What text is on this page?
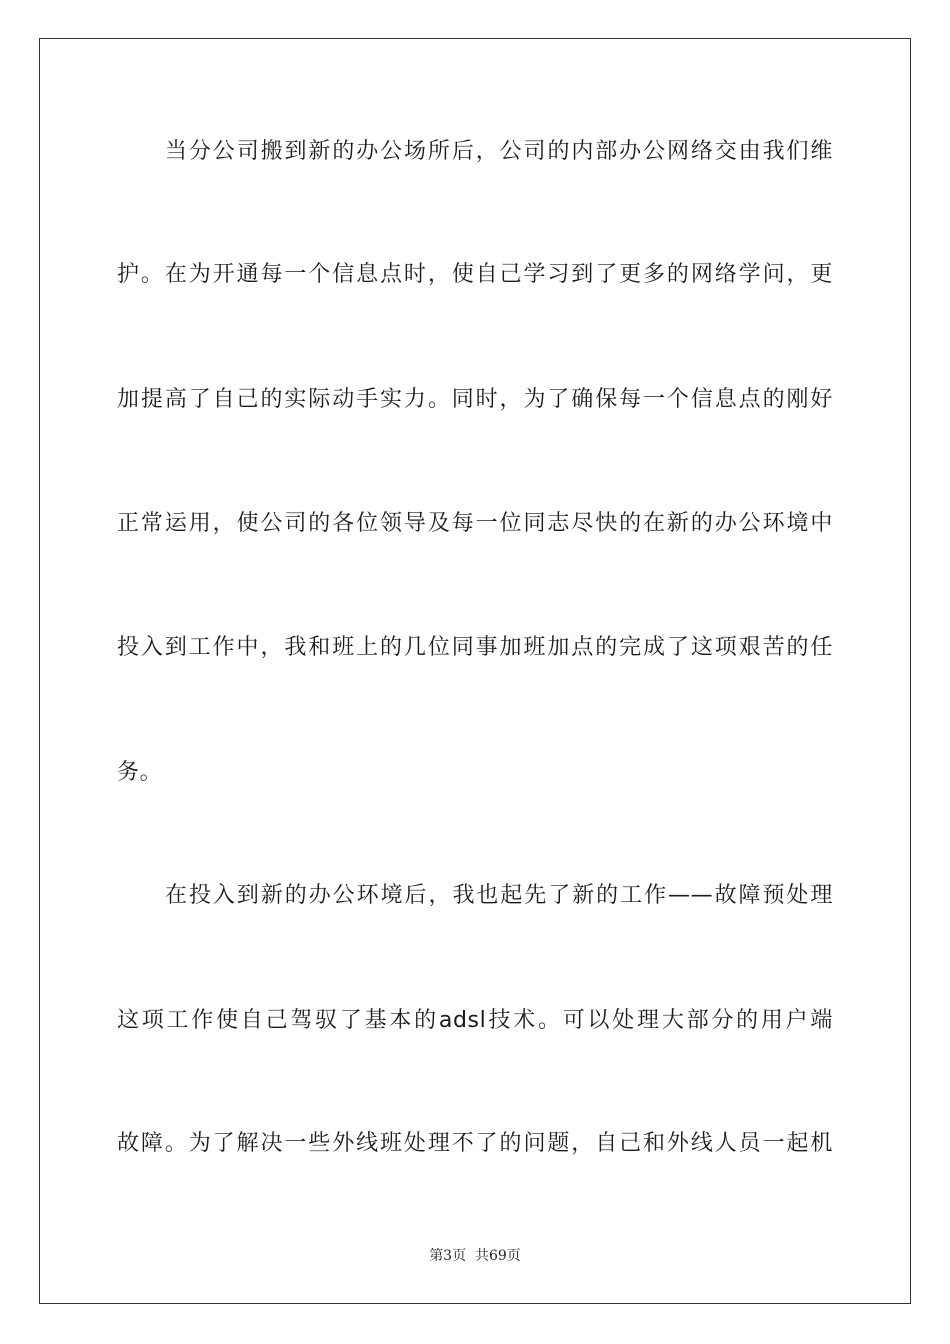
当分公司搬到新的办公场所后，公司的内部办公网络交由我们维
护。在为开通每一个信息点时，使自己学习到了更多的网络学问，更
加提高了自己的实际动手实力。同时，为了确保每一个信息点的刚好
正常运用，使公司的各位领导及每一位同志尽快的在新的办公环境中
投入到工作中，我和班上的几位同事加班加点的完成了这项艰苦的任
务。
在投入到新的办公环境后，我也起先了新的工作——故障预处理
这项工作使自己驾驭了基本的adsl技术。可以处理大部分的用户端
故障。为了解决一些外线班处理不了的问题，自己和外线人员一起机
第3页  共69页
